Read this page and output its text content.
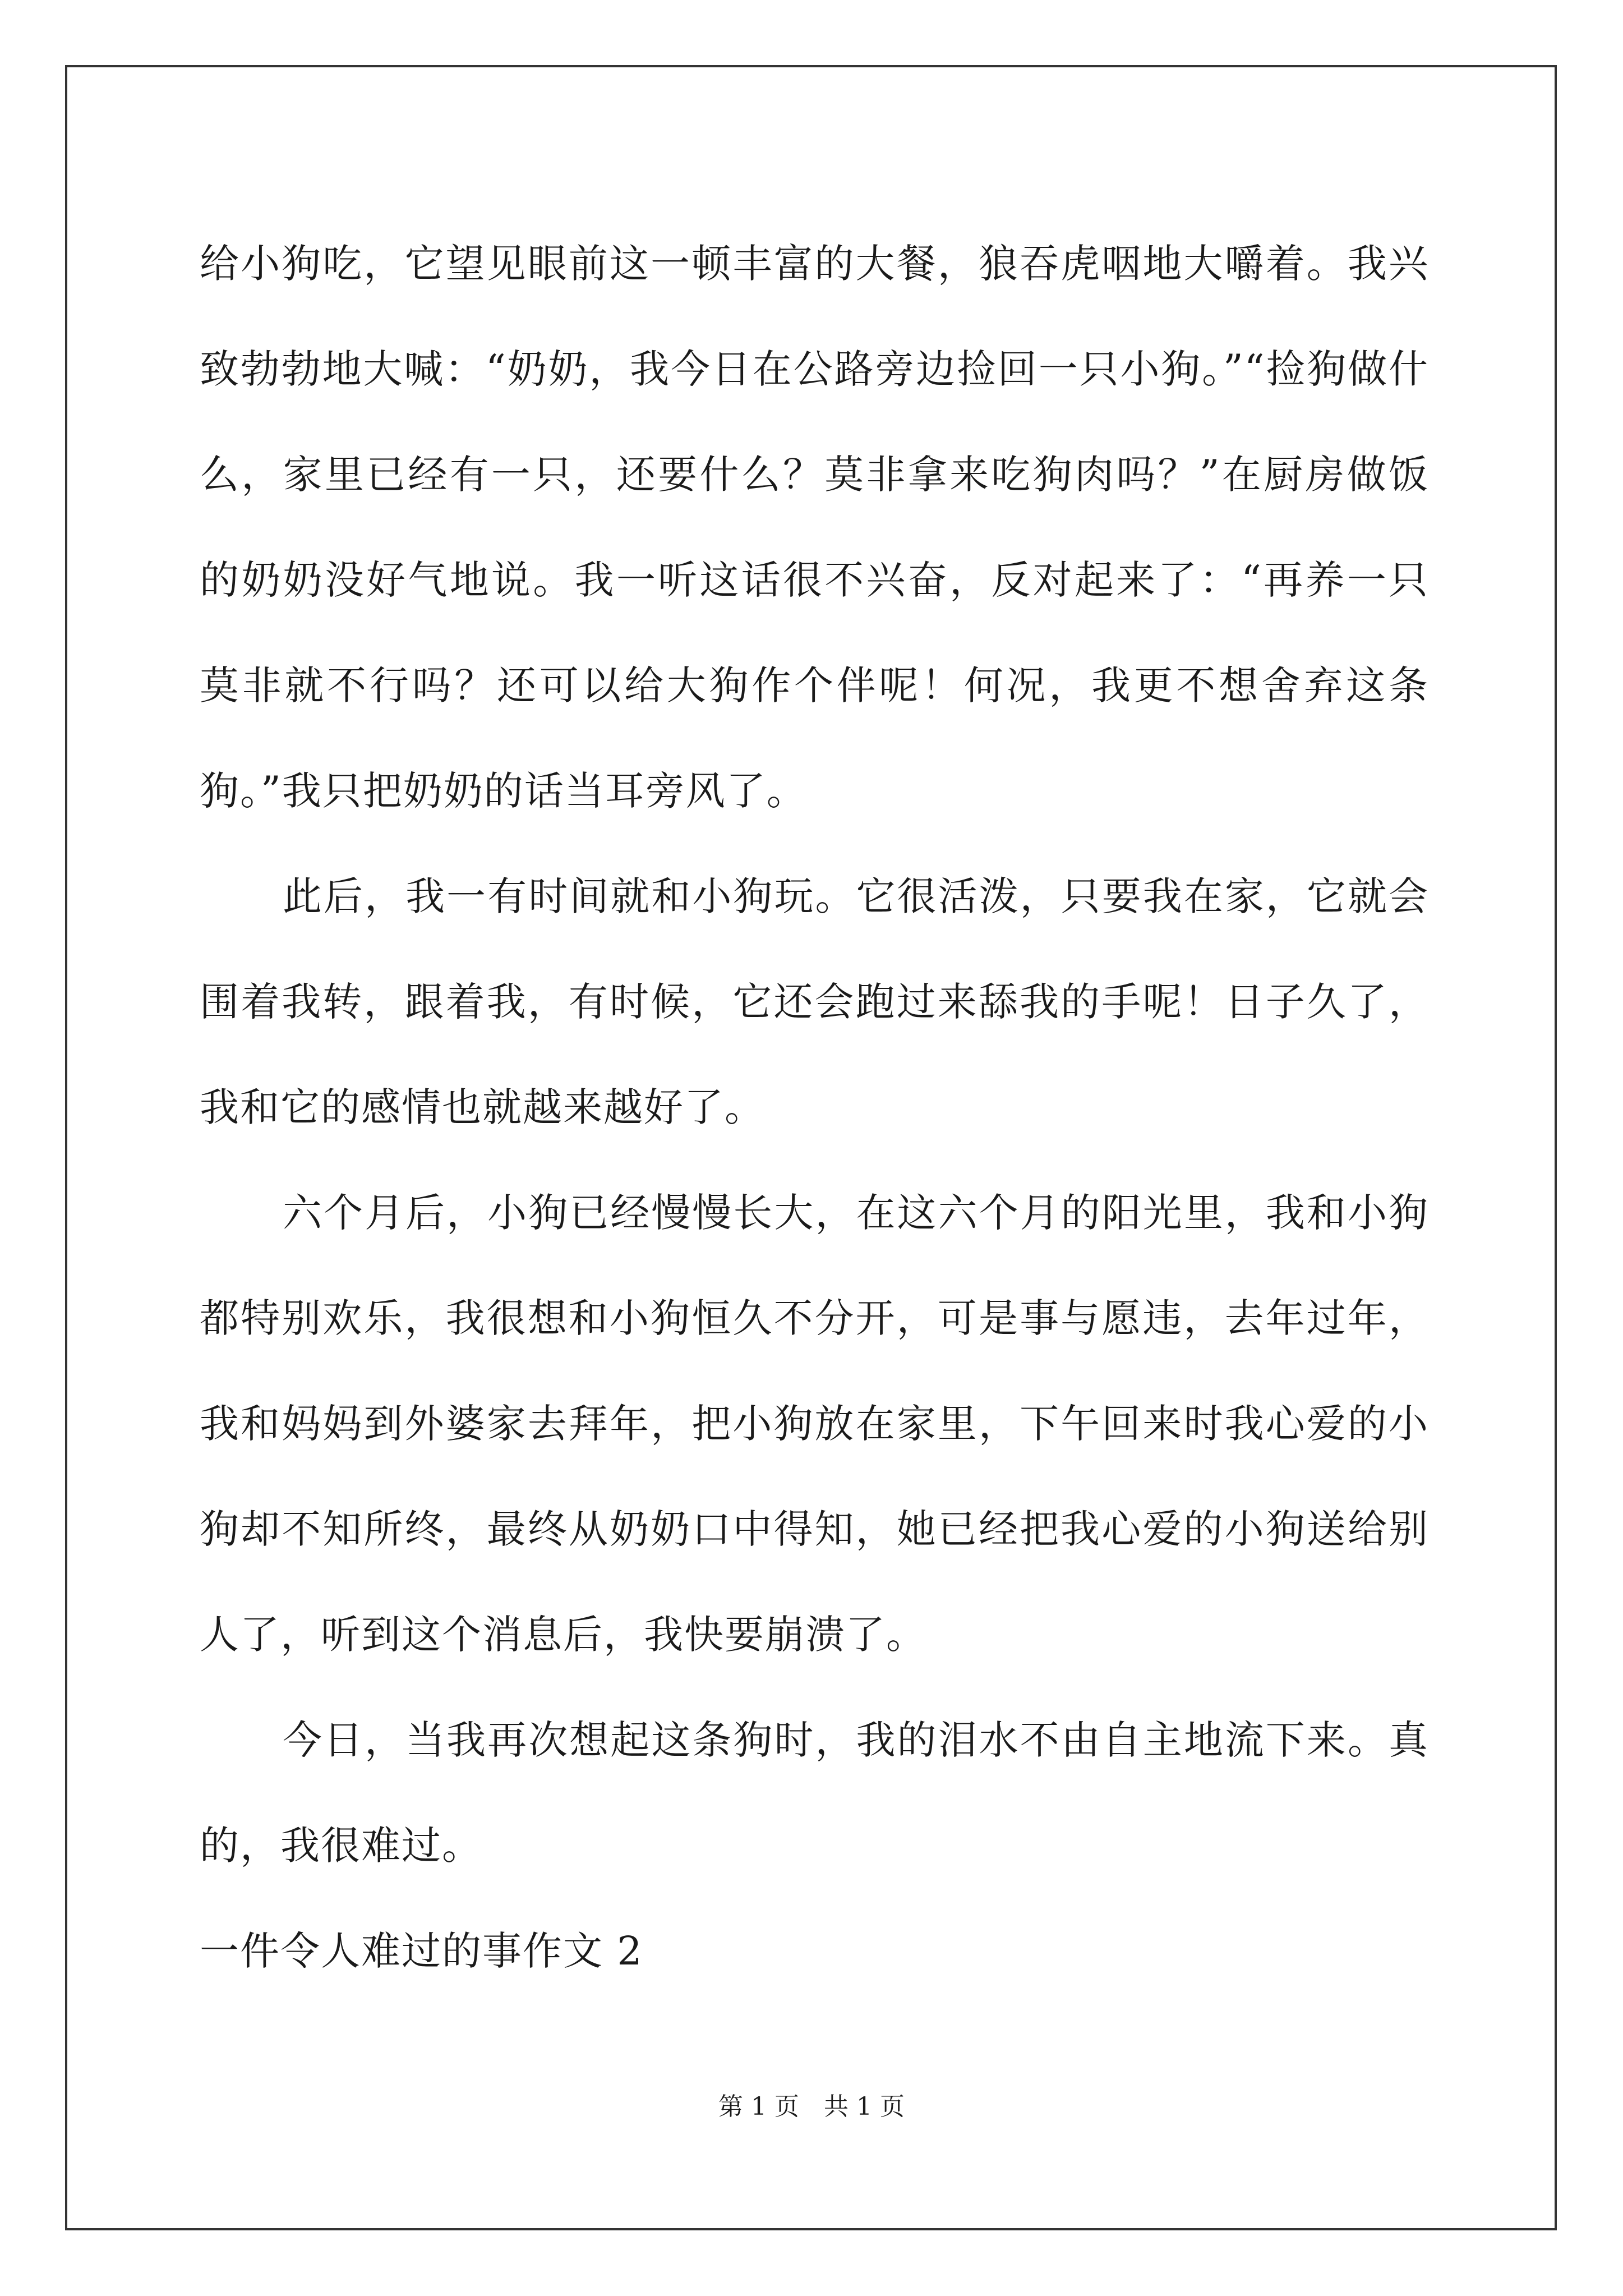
给小狗吃，它望见眼前这一顿丰富的大餐，狼吞虎咽地大嚼着。我兴致勃勃地大喊：“奶奶，我今日在公路旁边捡回一只小狗。”“捡狗做什么，家里已经有一只，还要什么？莫非拿来吃狗肉吗？”在厨房做饭的奶奶没好气地说。我一听这话很不兴奋，反对起来了：“再养一只莫非就不行吗？还可以给大狗作个伴呢！何况，我更不想舍弃这条狗。”我只把奶奶的话当耳旁风了。

此后，我一有时间就和小狗玩。它很活泼，只要我在家，它就会围着我转，跟着我，有时候，它还会跑过来舔我的手呢！日子久了，我和它的感情也就越来越好了。

六个月后，小狗已经慢慢长大，在这六个月的阳光里，我和小狗都特别欢乐，我很想和小狗恒久不分开，可是事与愿违，去年过年，我和妈妈到外婆家去拜年，把小狗放在家里，下午回来时我心爱的小狗却不知所终，最终从奶奶口中得知，她已经把我心爱的小狗送给别人了，听到这个消息后，我快要崩溃了。

今日，当我再次想起这条狗时，我的泪水不由自主地流下来。真的，我很难过。

一件令人难过的事作文 2

第 1 页　共 1 页
